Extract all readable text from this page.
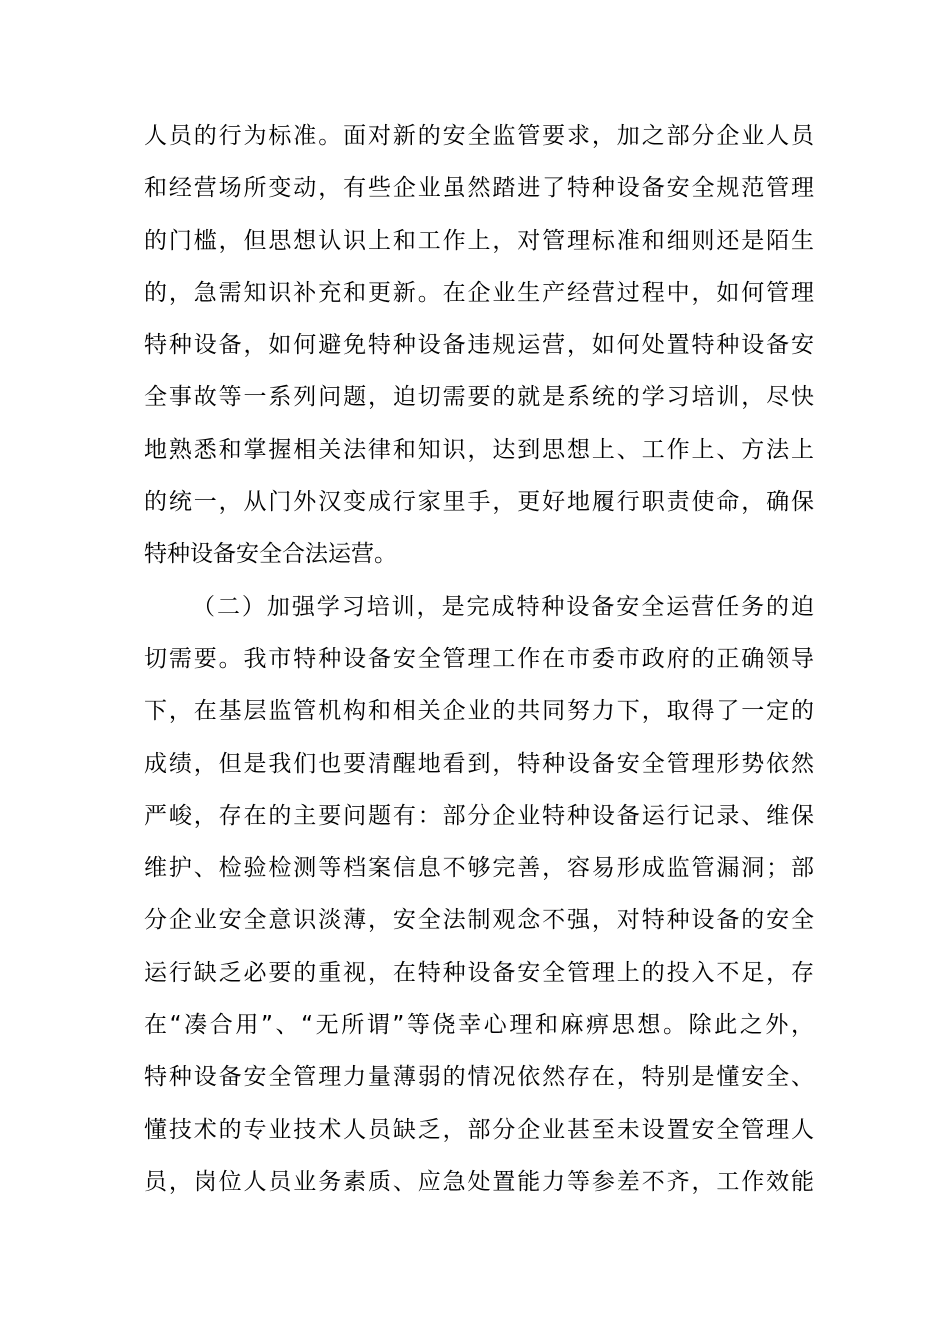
人员的行为标准。面对新的安全监管要求，加之部分企业人员
和经营场所变动，有些企业虽然踏进了特种设备安全规范管理
的门槛，但思想认识上和工作上，对管理标准和细则还是陌生
的，急需知识补充和更新。在企业生产经营过程中，如何管理
特种设备，如何避免特种设备违规运营，如何处置特种设备安
全事故等一系列问题，迫切需要的就是系统的学习培训，尽快
地熟悉和掌握相关法律和知识，达到思想上、工作上、方法上
的统一，从门外汉变成行家里手，更好地履行职责使命，确保
特种设备安全合法运营。
（二）加强学习培训，是完成特种设备安全运营任务的迫
切需要。我市特种设备安全管理工作在市委市政府的正确领导
下，在基层监管机构和相关企业的共同努力下，取得了一定的
成绩，但是我们也要清醒地看到，特种设备安全管理形势依然
严峻，存在的主要问题有：部分企业特种设备运行记录、维保
维护、检验检测等档案信息不够完善，容易形成监管漏洞；部
分企业安全意识淡薄，安全法制观念不强，对特种设备的安全
运行缺乏必要的重视，在特种设备安全管理上的投入不足，存
在“凑合用”、“无所谓”等侥幸心理和麻痹思想。除此之外，
特种设备安全管理力量薄弱的情况依然存在，特别是懂安全、
懂技术的专业技术人员缺乏，部分企业甚至未设置安全管理人
员，岗位人员业务素质、应急处置能力等参差不齐，工作效能
